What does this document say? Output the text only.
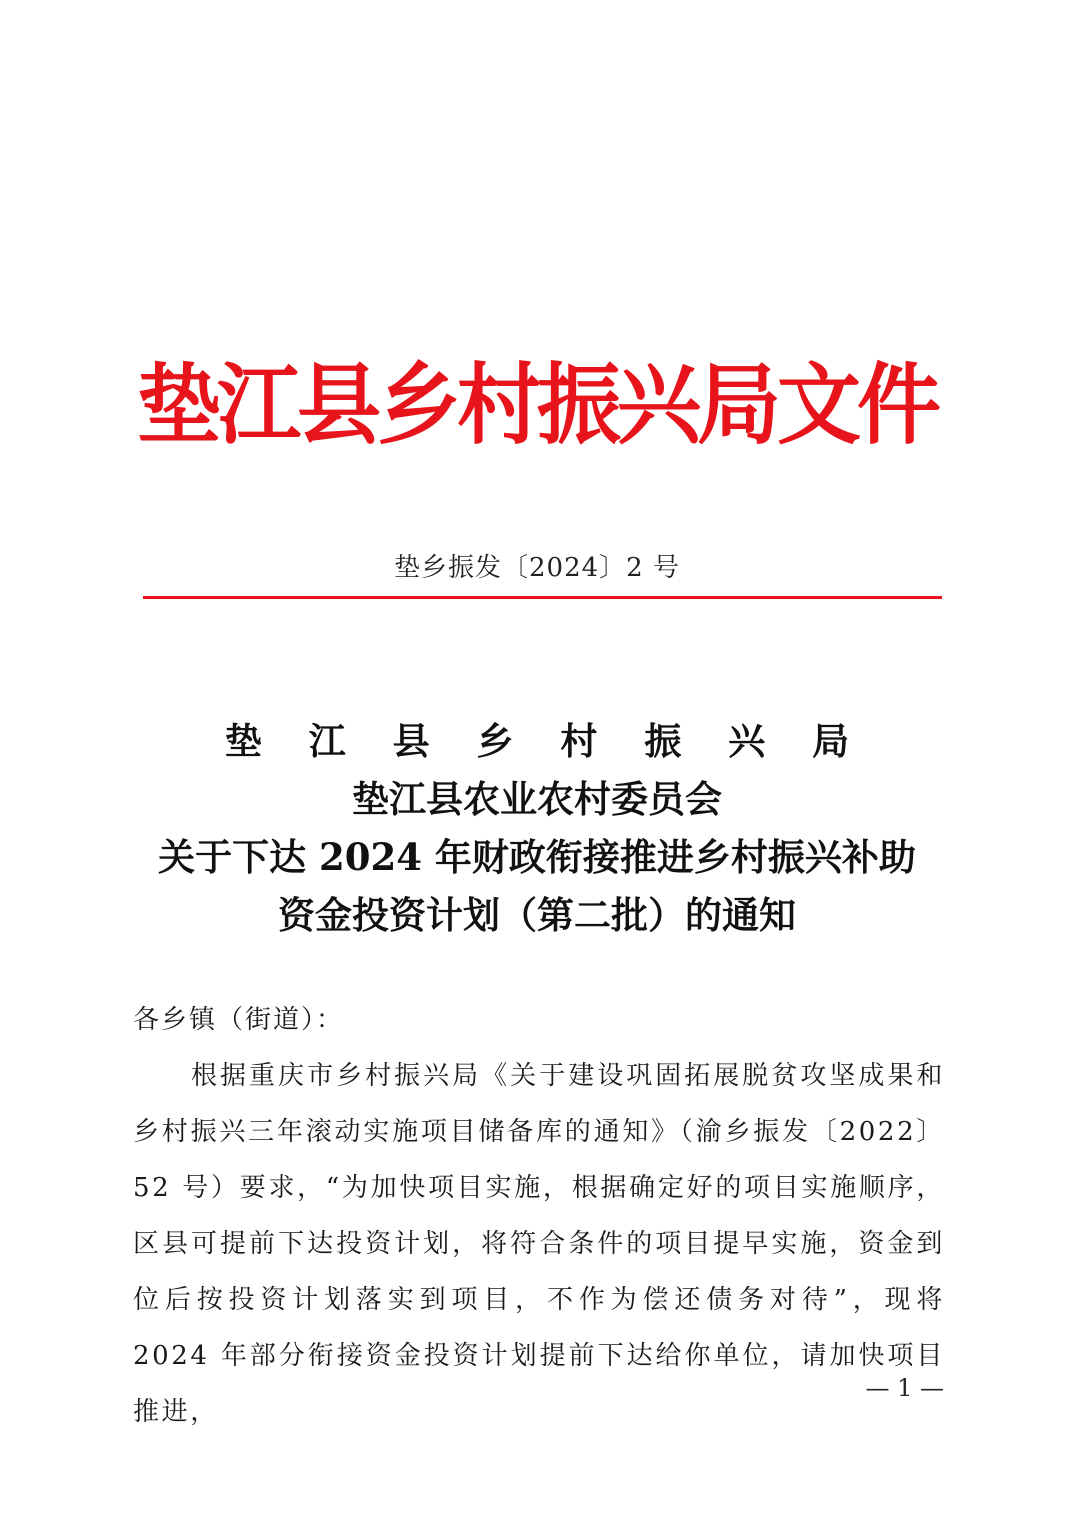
垫江县乡村振兴局文件
垫乡振发〔2024〕2 号
垫 江 县 乡 村 振 兴 局
垫江县农业农村委员会
关于下达 2024 年财政衔接推进乡村振兴补助
资金投资计划（第二批）的通知

各乡镇（街道）：

根据重庆市乡村振兴局《关于建设巩固拓展脱贫攻坚成果和乡村振兴三年滚动实施项目储备库的通知》（渝乡振发〔2022〕52 号）要求，“为加快项目实施，根据确定好的项目实施顺序，区县可提前下达投资计划，将符合条件的项目提早实施，资金到位后按投资计划落实到项目，不作为偿还债务对待”，现将 2024 年部分衔接资金投资计划提前下达给你单位，请加快项目推进，

— 1 —
